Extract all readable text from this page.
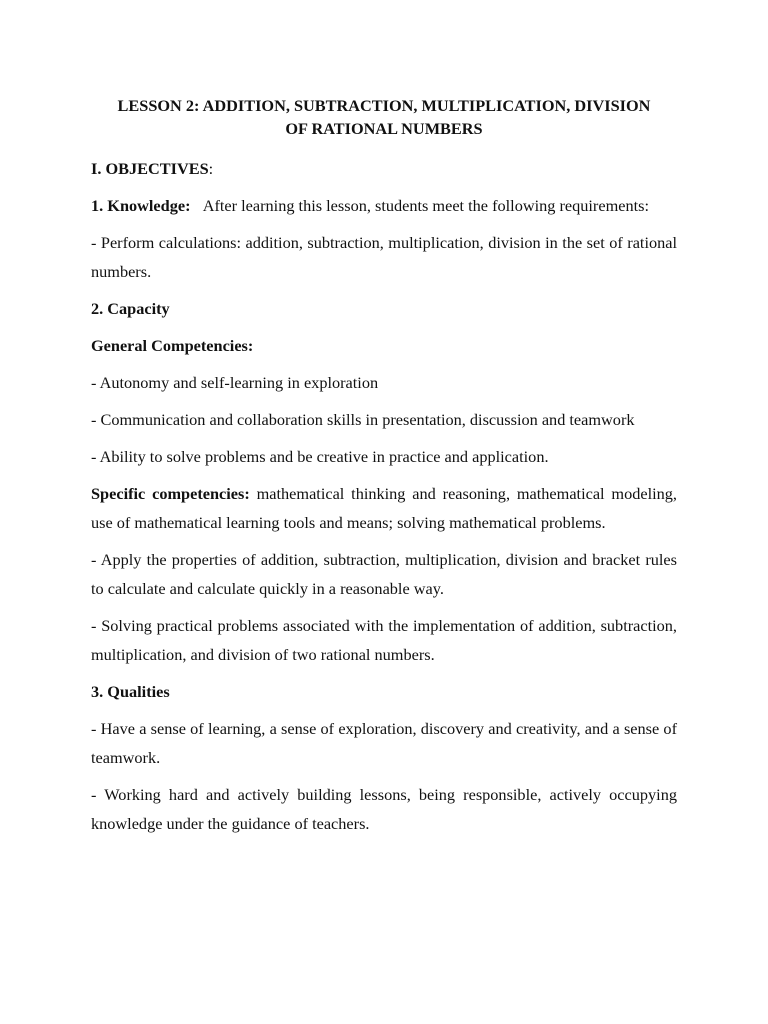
LESSON 2: ADDITION, SUBTRACTION, MULTIPLICATION, DIVISION
OF RATIONAL NUMBERS

I. OBJECTIVES:

1. Knowledge: After learning this lesson, students meet the following requirements:

- Perform calculations: addition, subtraction, multiplication, division in the set of rational numbers.

2. Capacity

General Competencies:

- Autonomy and self-learning in exploration

- Communication and collaboration skills in presentation, discussion and teamwork

- Ability to solve problems and be creative in practice and application.

Specific competencies: mathematical thinking and reasoning, mathematical modeling, use of mathematical learning tools and means; solving mathematical problems.

- Apply the properties of addition, subtraction, multiplication, division and bracket rules to calculate and calculate quickly in a reasonable way.

- Solving practical problems associated with the implementation of addition, subtraction, multiplication, and division of two rational numbers.

3. Qualities

- Have a sense of learning, a sense of exploration, discovery and creativity, and a sense of teamwork.

- Working hard and actively building lessons, being responsible, actively occupying knowledge under the guidance of teachers.
